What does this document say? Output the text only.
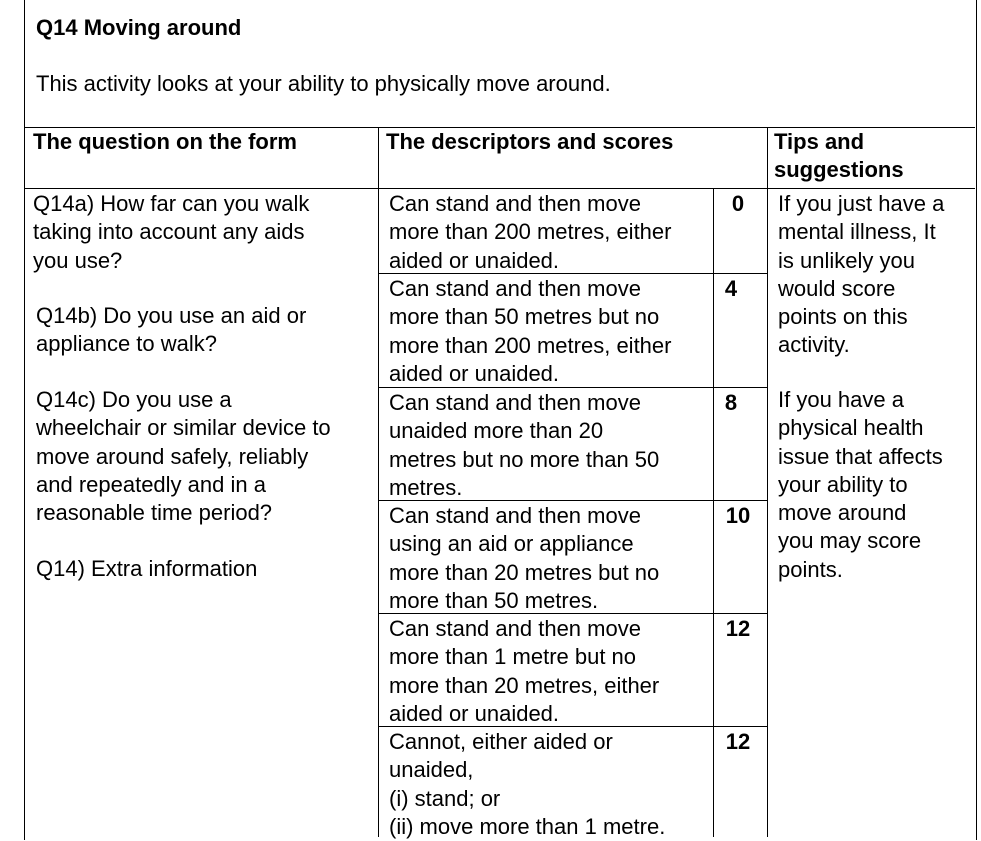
Q14 Moving around

This activity looks at your ability to physically move around.

The question on the form	The descriptors and scores	Tips and
suggestions

Q14a) How far can you walk
taking into account any aids
you use?

Q14b) Do you use an aid or
appliance to walk?

Q14c) Do you use a
wheelchair or similar device to
move around safely, reliably
and repeatedly and in a
reasonable time period?

Q14) Extra information

Can stand and then move
more than 200 metres, either
aided or unaided.

0

Can stand and then move
more than 50 metres but no
more than 200 metres, either
aided or unaided.

4

Can stand and then move
unaided more than 20
metres but no more than 50
metres.

8

Can stand and then move
using an aid or appliance
more than 20 metres but no
more than 50 metres.

10

Can stand and then move
more than 1 metre but no
more than 20 metres, either
aided or unaided.

12

Cannot, either aided or
unaided,
(i) stand; or
(ii) move more than 1 metre.

12

If you just have a
mental illness, It
is unlikely you
would score
points on this
activity.

If you have a
physical health
issue that affects
your ability to
move around
you may score
points.
